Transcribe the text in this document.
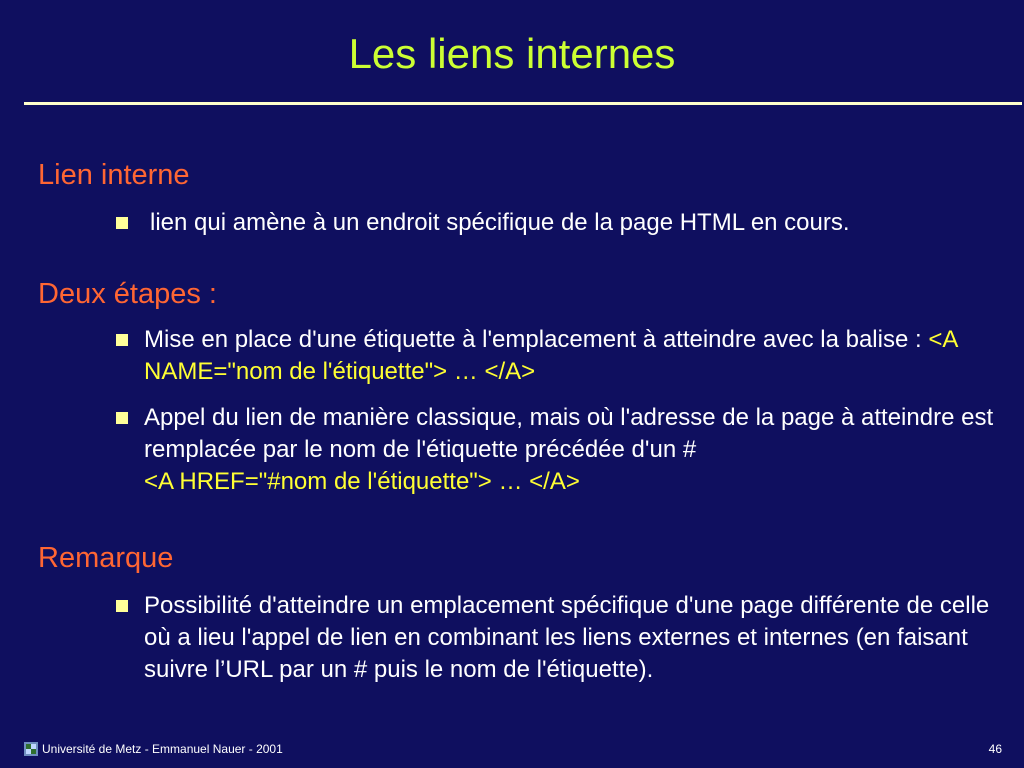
Les liens internes
Lien interne
lien qui amène à un endroit spécifique de la page HTML en cours.
Deux étapes :
Mise en place d'une étiquette à l'emplacement à atteindre avec la balise : <A NAME="nom de l'étiquette"> … </A>
Appel du lien de manière classique, mais où l'adresse de la page à atteindre est remplacée par le nom de l'étiquette précédée d'un #
<A HREF="#nom de l'étiquette"> … </A>
Remarque
Possibilité d'atteindre un emplacement spécifique d'une page différente de celle où a lieu l'appel de lien en combinant les liens externes et internes (en faisant suivre l’URL par un # puis le nom de l'étiquette).
Université de Metz - Emmanuel Nauer - 2001	46
